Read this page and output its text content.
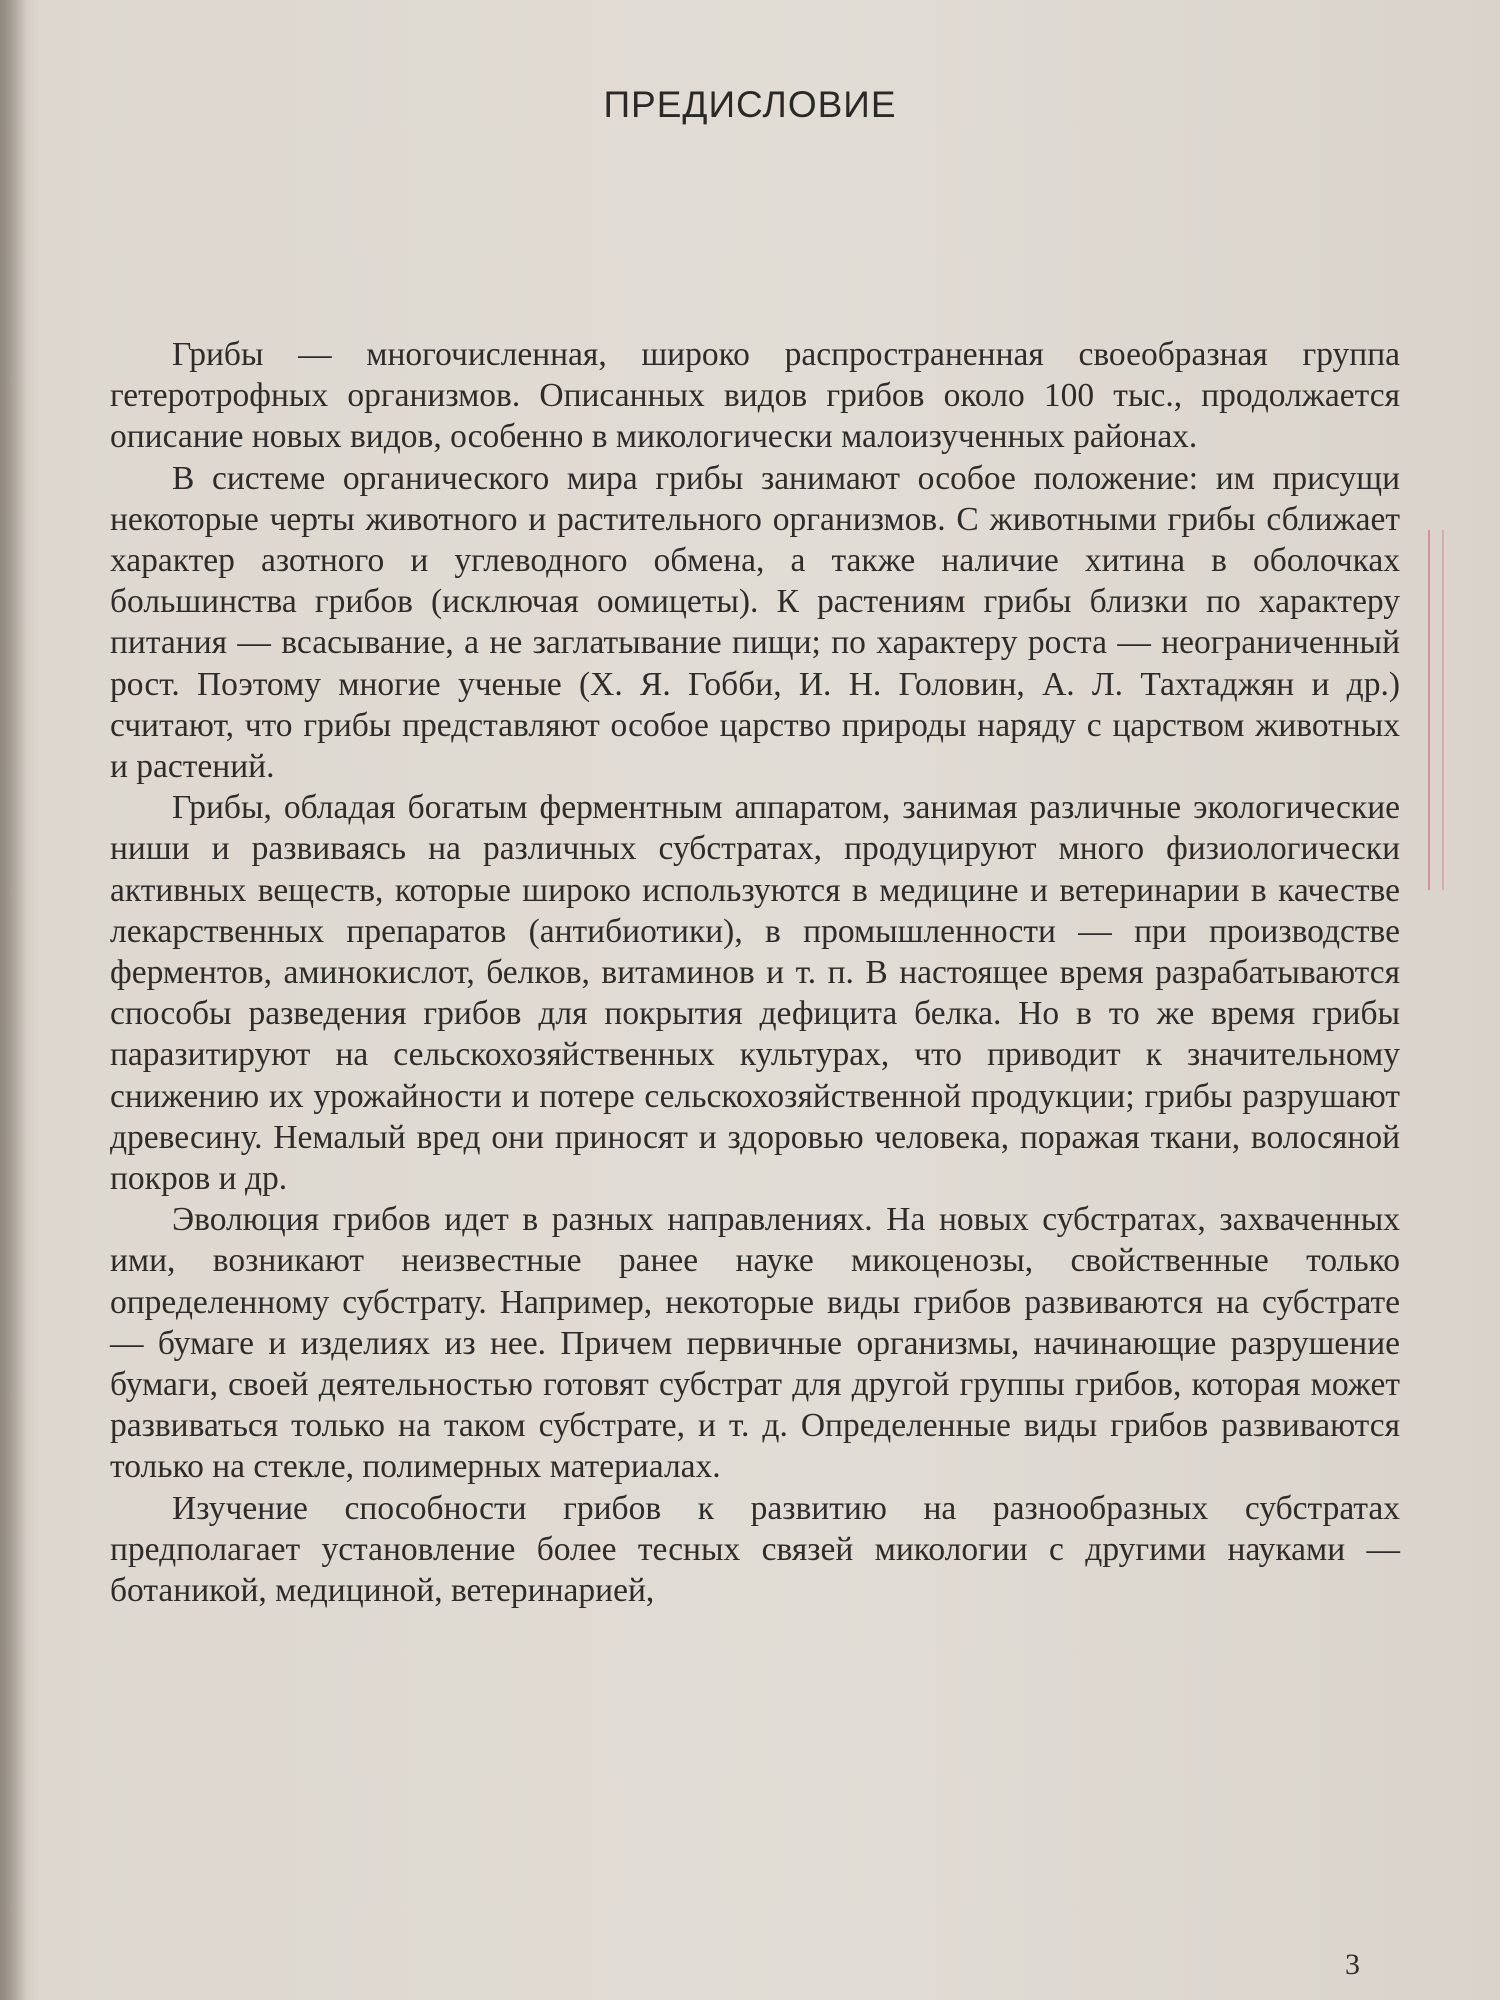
ПРЕДИСЛОВИЕ

Грибы — многочисленная, широко распространенная своеобразная группа гетеротрофных организмов. Описанных видов грибов около 100 тыс., продолжается описание новых видов, особенно в микологически малоизученных районах.

В системе органического мира грибы занимают особое положение: им присущи некоторые черты животного и растительного организмов. С животными грибы сближает характер азотного и углеводного обмена, а также наличие хитина в оболочках большинства грибов (исключая оомицеты). К растениям грибы близки по характеру питания — всасывание, а не заглатывание пищи; по характеру роста — неограниченный рост. Поэтому многие ученые (Х. Я. Гобби, И. Н. Головин, А. Л. Тахтаджян и др.) считают, что грибы представляют особое царство природы наряду с царством животных и растений.

Грибы, обладая богатым ферментным аппаратом, занимая различные экологические ниши и развиваясь на различных субстратах, продуцируют много физиологически активных веществ, которые широко используются в медицине и ветеринарии в качестве лекарственных препаратов (антибиотики), в промышленности — при производстве ферментов, аминокислот, белков, витаминов и т. п. В настоящее время разрабатываются способы разведения грибов для покрытия дефицита белка. Но в то же время грибы паразитируют на сельскохозяйственных культурах, что приводит к значительному снижению их урожайности и потере сельскохозяйственной продукции; грибы разрушают древесину. Немалый вред они приносят и здоровью человека, поражая ткани, волосяной покров и др.

Эволюция грибов идет в разных направлениях. На новых субстратах, захваченных ими, возникают неизвестные ранее науке микоценозы, свойственные только определенному субстрату. Например, некоторые виды грибов развиваются на субстрате — бумаге и изделиях из нее. Причем первичные организмы, начинающие разрушение бумаги, своей деятельностью готовят субстрат для другой группы грибов, которая может развиваться только на таком субстрате, и т. д. Определенные виды грибов развиваются только на стекле, полимерных материалах.

Изучение способности грибов к развитию на разнообразных субстратах предполагает установление более тесных связей микологии с другими науками — ботаникой, медициной, ветеринарией,

3
